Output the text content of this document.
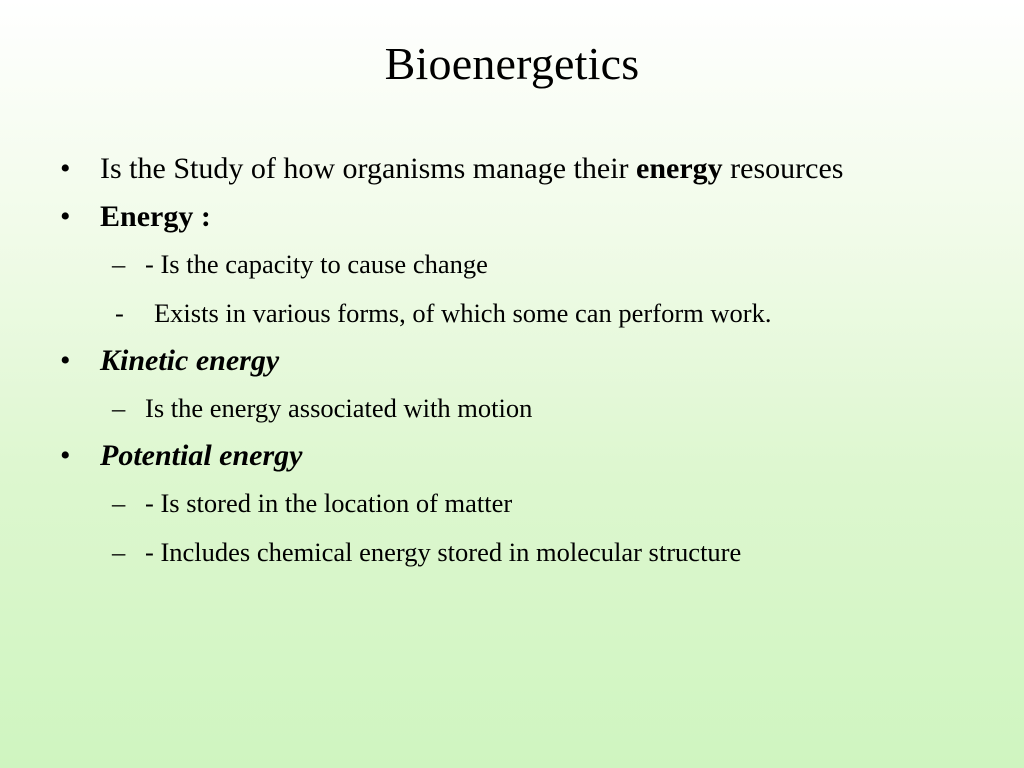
Bioenergetics

• Is the Study of how organisms manage their energy resources

• Energy :

– - Is the capacity to cause change

-	Exists in various forms, of which some can perform work.

• Kinetic energy

– Is the energy associated with motion

• Potential energy

– - Is stored in the location of matter

– - Includes chemical energy stored in molecular structure
